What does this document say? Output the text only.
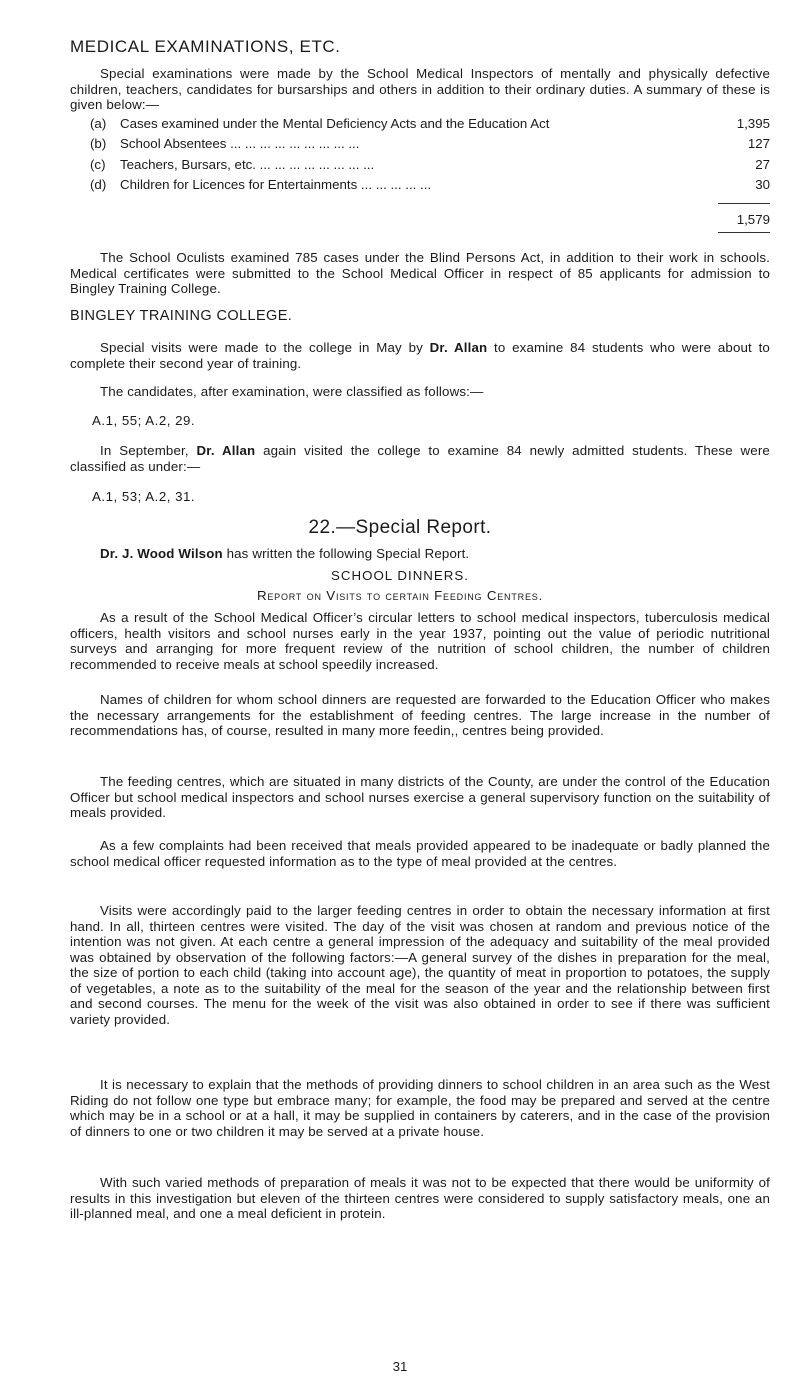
MEDICAL EXAMINATIONS, ETC.

Special examinations were made by the School Medical Inspectors of mentally and physically defective children, teachers, candidates for bursarships and others in addition to their ordinary duties. A summary of these is given below:—

(a) Cases examined under the Mental Deficiency Acts and the Education Act	1,395
(b) School Absentees ... ... ... ... ... ... ... ... ...	127
(c) Teachers, Bursars, etc. ... ... ... ... ... ... ... ...	27
(d) Children for Licences for Entertainments ... ... ... ... ...	30
1,579

The School Oculists examined 785 cases under the Blind Persons Act, in addition to their work in schools. Medical certificates were submitted to the School Medical Officer in respect of 85 applicants for admission to Bingley Training College.

BINGLEY TRAINING COLLEGE.

Special visits were made to the college in May by Dr. Allan to examine 84 students who were about to complete their second year of training.

The candidates, after examination, were classified as follows:—

A.1, 55; A.2, 29.

In September, Dr. Allan again visited the college to examine 84 newly admitted students. These were classified as under:—

A.1, 53; A.2, 31.
22.—Special Report.

Dr. J. Wood Wilson has written the following Special Report.

SCHOOL DINNERS.
Report on Visits to certain Feeding Centres.

As a result of the School Medical Officer’s circular letters to school medical inspectors, tuberculosis medical officers, health visitors and school nurses early in the year 1937, pointing out the value of periodic nutritional surveys and arranging for more frequent review of the nutrition of school children, the number of children recommended to receive meals at school speedily increased.

Names of children for whom school dinners are requested are forwarded to the Education Officer who makes the necessary arrangements for the establishment of feeding centres. The large increase in the number of recommendations has, of course, resulted in many more feedin,, centres being provided.

The feeding centres, which are situated in many districts of the County, are under the control of the Education Officer but school medical inspectors and school nurses exercise a general supervisory function on the suitability of meals provided.

As a few complaints had been received that meals provided appeared to be inadequate or badly planned the school medical officer requested information as to the type of meal provided at the centres.

Visits were accordingly paid to the larger feeding centres in order to obtain the necessary information at first hand. In all, thirteen centres were visited. The day of the visit was chosen at random and previous notice of the intention was not given. At each centre a general impression of the adequacy and suitability of the meal provided was obtained by observation of the following factors:—A general survey of the dishes in preparation for the meal, the size of portion to each child (taking into account age), the quantity of meat in proportion to potatoes, the supply of vegetables, a note as to the suitability of the meal for the season of the year and the relationship between first and second courses. The menu for the week of the visit was also obtained in order to see if there was sufficient variety provided.

It is necessary to explain that the methods of providing dinners to school children in an area such as the West Riding do not follow one type but embrace many; for example, the food may be prepared and served at the centre which may be in a school or at a hall, it may be supplied in containers by caterers, and in the case of the provision of dinners to one or two children it may be served at a private house.

With such varied methods of preparation of meals it was not to be expected that there would be uniformity of results in this investigation but eleven of the thirteen centres were considered to supply satisfactory meals, one an ill-planned meal, and one a meal deficient in protein.

31
